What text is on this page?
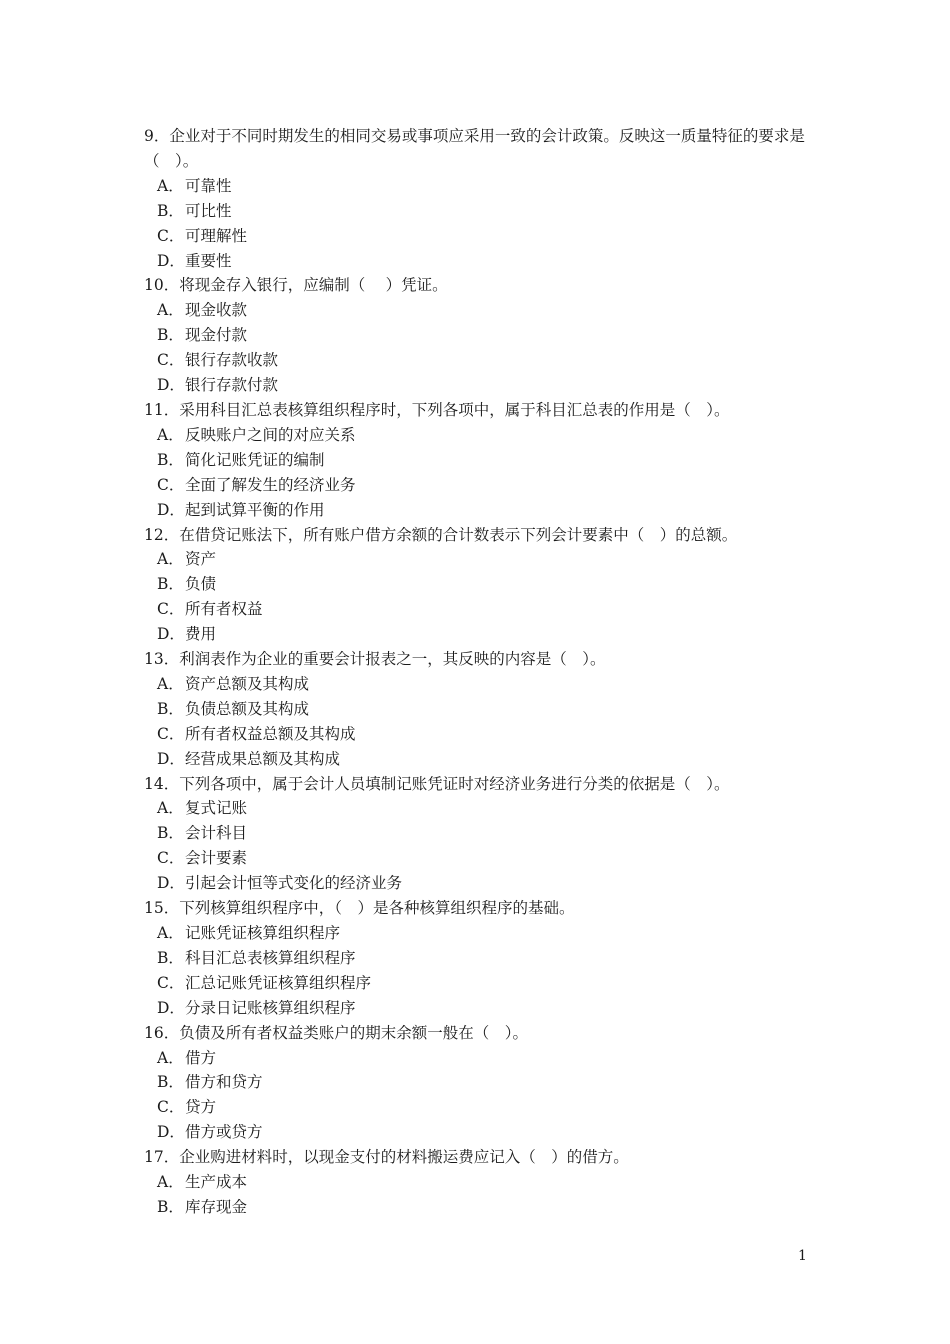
9．企业对于不同时期发生的相同交易或事项应采用一致的会计政策。反映这一质量特征的要求是（　）。

A．可靠性
B．可比性
C．可理解性
D．重要性

10．将现金存入银行，应编制（　 ）凭证。

A．现金收款
B．现金付款
C．银行存款收款
D．银行存款付款

11．采用科目汇总表核算组织程序时，下列各项中，属于科目汇总表的作用是（　）。

A．反映账户之间的对应关系
B．简化记账凭证的编制
C．全面了解发生的经济业务
D．起到试算平衡的作用

12．在借贷记账法下，所有账户借方余额的合计数表示下列会计要素中（　）的总额。

A．资产
B．负债
C．所有者权益
D．费用

13．利润表作为企业的重要会计报表之一，其反映的内容是（　）。

A．资产总额及其构成
B．负债总额及其构成
C．所有者权益总额及其构成
D．经营成果总额及其构成

14．下列各项中，属于会计人员填制记账凭证时对经济业务进行分类的依据是（　）。

A．复式记账
B．会计科目
C．会计要素
D．引起会计恒等式变化的经济业务

15．下列核算组织程序中，（　）是各种核算组织程序的基础。

A．记账凭证核算组织程序
B．科目汇总表核算组织程序
C．汇总记账凭证核算组织程序
D．分录日记账核算组织程序

16．负债及所有者权益类账户的期末余额一般在（　）。

A．借方
B．借方和贷方
C．贷方
D．借方或贷方

17．企业购进材料时，以现金支付的材料搬运费应记入（　）的借方。

A．生产成本
B．库存现金
1
